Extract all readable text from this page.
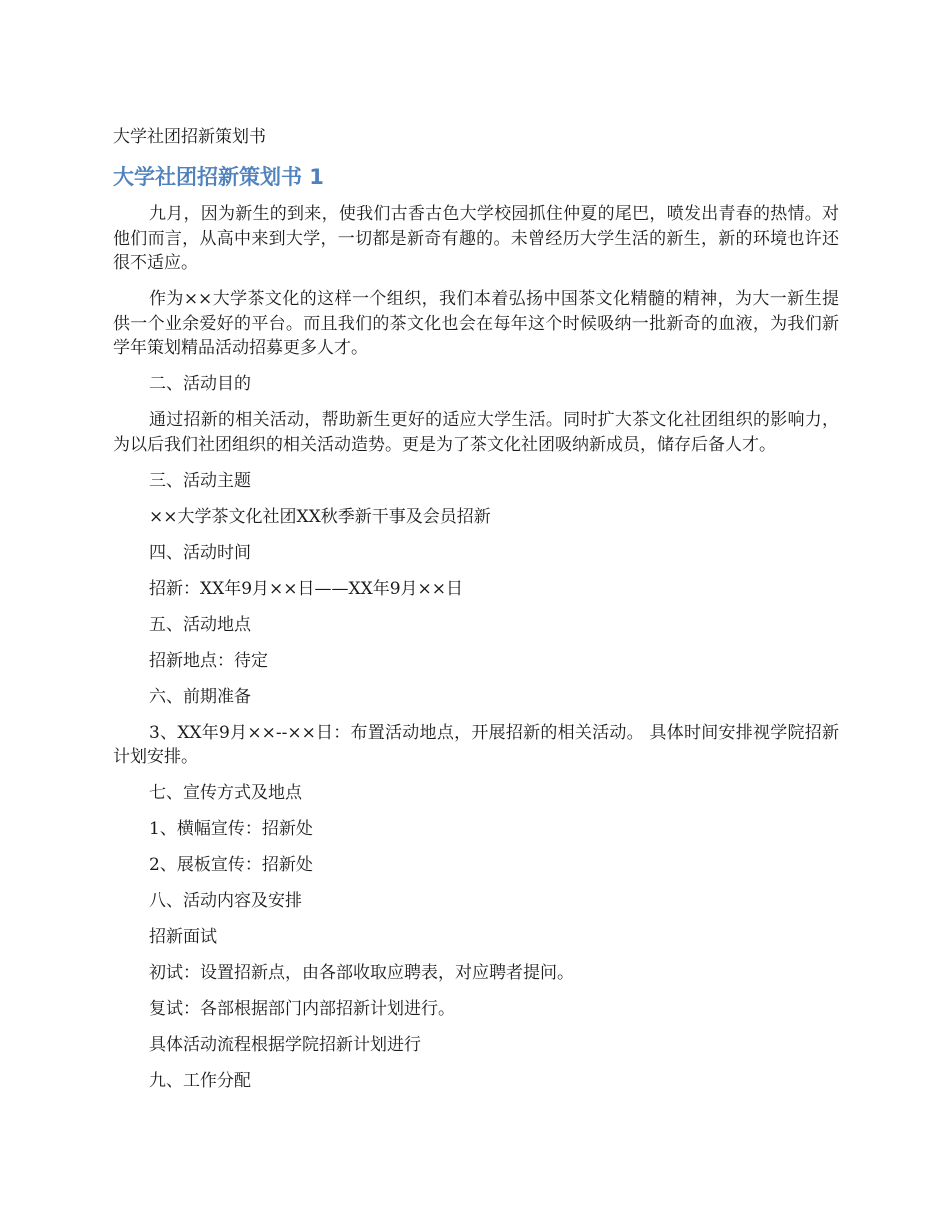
大学社团招新策划书

大学社团招新策划书 1

九月，因为新生的到来，使我们古香古色大学校园抓住仲夏的尾巴，喷发出青春的热情。对他们而言，从高中来到大学，一切都是新奇有趣的。未曾经历大学生活的新生，新的环境也许还很不适应。

作为××大学茶文化的这样一个组织，我们本着弘扬中国茶文化精髓的精神，为大一新生提供一个业余爱好的平台。而且我们的茶文化也会在每年这个时候吸纳一批新奇的血液，为我们新学年策划精品活动招募更多人才。

二、活动目的

通过招新的相关活动，帮助新生更好的适应大学生活。同时扩大茶文化社团组织的影响力，为以后我们社团组织的相关活动造势。更是为了茶文化社团吸纳新成员，储存后备人才。

三、活动主题

××大学茶文化社团XX秋季新干事及会员招新

四、活动时间

招新：XX年9月××日——XX年9月××日

五、活动地点

招新地点：待定

六、前期准备

3、XX年9月××--××日：布置活动地点，开展招新的相关活动。 具体时间安排视学院招新计划安排。

七、宣传方式及地点

1、横幅宣传：招新处

2、展板宣传：招新处

八、活动内容及安排

招新面试

初试：设置招新点，由各部收取应聘表，对应聘者提问。

复试：各部根据部门内部招新计划进行。

具体活动流程根据学院招新计划进行

九、工作分配
